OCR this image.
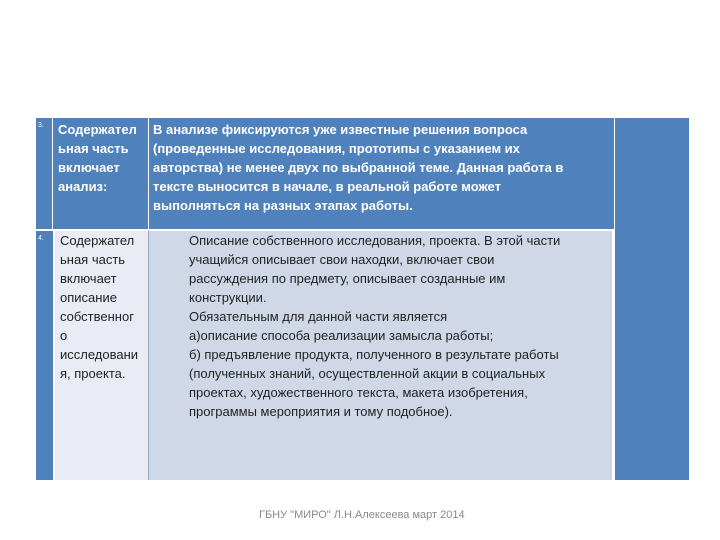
3.	Содержател
ьная часть
включает
анализ:
В анализе фиксируются уже известные решения вопроса
(проведенные исследования, прототипы с указанием их
авторства) не менее двух по выбранной теме. Данная работа в
тексте выносится в начале, в реальной работе может
выполняться на разных этапах работы.
4.	Содержател
ьная часть
включает
описание
собственног
о
исследовани
я, проекта.
Описание собственного исследования, проекта. В этой части
учащийся описывает свои находки, включает свои
рассуждения по предмету, описывает созданные им
конструкции.
Обязательным для данной части является
а)описание способа реализации замысла работы;
б) предъявление продукта, полученного в результате работы
(полученных знаний, осуществленной акции в социальных
проектах, художественного текста, макета изобретения,
программы мероприятия и тому подобное).
40%
ГБНУ "МИРО" Л.Н.Алексеева март 2014
